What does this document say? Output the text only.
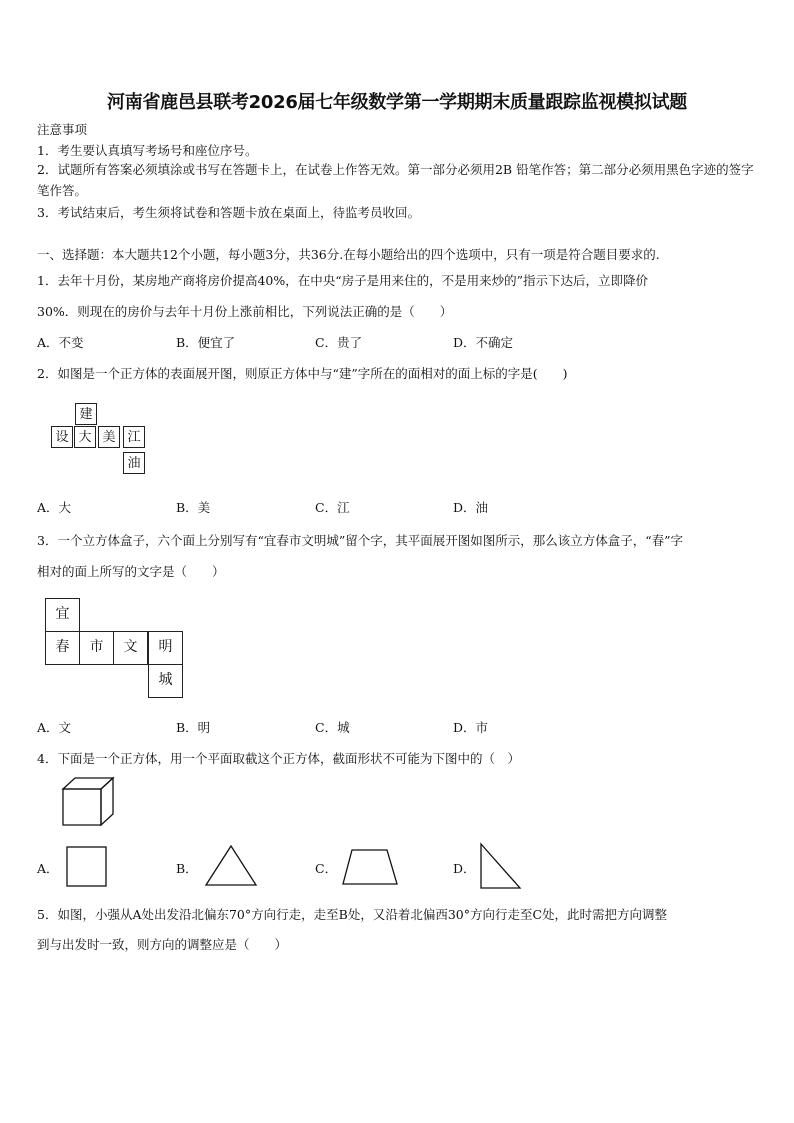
河南省鹿邑县联考2026届七年级数学第一学期期末质量跟踪监视模拟试题
注意事项
1．考生要认真填写考场号和座位序号。
2．试题所有答案必须填涂或书写在答题卡上，在试卷上作答无效。第一部分必须用2B 铅笔作答；第二部分必须用黑色字迹的签字笔作答。
3．考试结束后，考生须将试卷和答题卡放在桌面上，待监考员收回。
一、选择题：本大题共12个小题，每小题3分，共36分.在每小题给出的四个选项中，只有一项是符合题目要求的.
1．去年十月份，某房地产商将房价提高40%，在中央“房子是用来住的，不是用来炒的”指示下达后，立即降价
30%．则现在的房价与去年十月份上涨前相比，下列说法正确的是（　　）
A．不变	B．便宜了	C．贵了	D．不确定
2．如图是一个正方体的表面展开图，则原正方体中与“建”字所在的面相对的面上标的字是(　　)
建
设 大 美 江
油
A．大	B．美	C．江	D．油
3．一个立方体盒子，六个面上分别写有“宜春市文明城”留个字，其平面展开图如图所示，那么该立方体盒子，“春”字
相对的面上所写的文字是（　　）
宜
春	市	文	明
城
A．文	B．明	C．城	D．市
4．下面是一个正方体，用一个平面取截这个正方体，截面形状不可能为下图中的（　）
A．	B．	C．	D．
5．如图，小强从A处出发沿北偏东70°方向行走，走至B处，又沿着北偏西30°方向行走至C处，此时需把方向调整
到与出发时一致，则方向的调整应是（　　）
